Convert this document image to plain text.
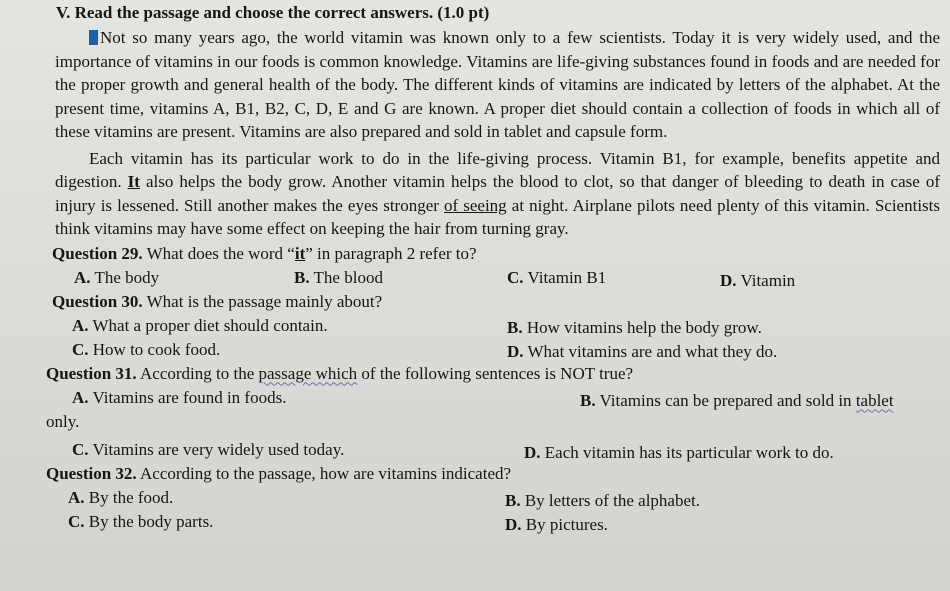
V. Read the passage and choose the correct answers. (1.0 pt)

Not so many years ago, the world vitamin was known only to a few scientists. Today it is very widely used, and the importance of vitamins in our foods is common knowledge. Vitamins are life-giving substances found in foods and are needed for the proper growth and general health of the body. The different kinds of vitamins are indicated by letters of the alphabet. At the present time, vitamins A, B1, B2, C, D, E and G are known. A proper diet should contain a collection of foods in which all of these vitamins are present. Vitamins are also prepared and sold in tablet and capsule form.

Each vitamin has its particular work to do in the life-giving process. Vitamin B1, for example, benefits appetite and digestion. It also helps the body grow. Another vitamin helps the blood to clot, so that danger of bleeding to death in case of injury is lessened. Still another makes the eyes stronger of seeing at night. Airplane pilots need plenty of this vitamin. Scientists think vitamins may have some effect on keeping the hair from turning gray.

Question 29. What does the word “it” in paragraph 2 refer to?
A. The body	B. The blood	C. Vitamin B1	D. Vitamin
Question 30. What is the passage mainly about?
A. What a proper diet should contain.	B. How vitamins help the body grow.
C. How to cook food.	D. What vitamins are and what they do.
Question 31. According to the passage which of the following sentences is NOT true?
A. Vitamins are found in foods.	B. Vitamins can be prepared and sold in tablet
only.
C. Vitamins are very widely used today.	D. Each vitamin has its particular work to do.
Question 32. According to the passage, how are vitamins indicated?
A. By the food.	B. By letters of the alphabet.
C. By the body parts.	D. By pictures.
